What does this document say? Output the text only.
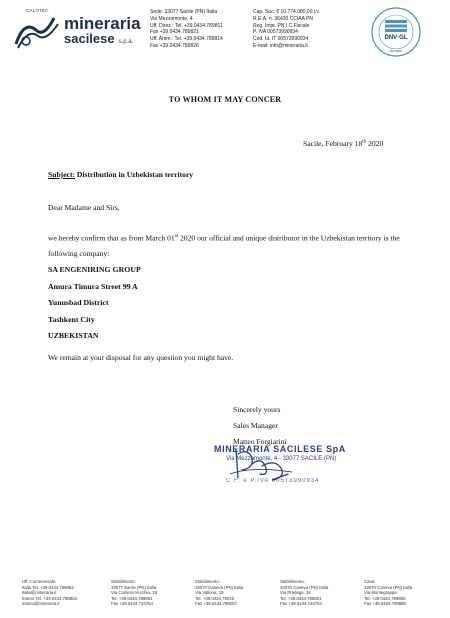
CALOTEC
mineraria
sacilese s.p.a.
Sede: 33077 Sacile (PN) Italia
Via Mezzomonte, 4
Uff. Direz.: Tel. +39.0434.789811
Fax +39.0434.789821
Uff. Amm.: Tel. +39.0434.789814
Fax +39.0434.789826
Cap. Soc. € 10.774.080,00 i.v.
R.E.A. n. 36430 CCIAA PN
Reg. Impr. PN / C.Fiscale
P. IVA 00573990934
Cod. Id. IT 00573990934
E-mail: info@mineraria.it
DNV·GL
ISO 9001
TO WHOM IT MAY CONCER
Sacile, February 18th 2020
Subject: Distribution in Uzbekistan territory
Dear Madame and Sirs,

we hereby confirm that as from March 01st 2020 our official and unique distributor in the Uzbekistan territory is the following company:

SA ENGENIRING GROUP
Amura Timura Street 99 A
Yunusbad District
Tashkent City
UZBEKISTAN
We remain at your disposal for any question you might have.
Sincerely yours
Sales Manager
Matteo Forgiarini
MINERARIA SACILESE SpA
Via Mezzomonte, 4 - 33077 SACILE (PN)
C.F. e P.IVA 00573990934
Uff. Commerciale:
Italia Tel. +39.0434.789862
italia@mineraria.it
Estero Tel. +39.0434.789863
estero@mineraria.it
Stabilimento:
33077 Sacile (PN) Italia
Via Cartiera Vecchia, 18
Tel. +39.0434.789861
Fax +39.0434.734764
Stabilimento:
33070 Caneva (PN) Italia
Via Vallona, 19
Tel. +39.0434.79019
Fax +39.0434.799257
Stabilimento:
33070 Caneva (PN) Italia
Via Pradega, 34
Tel. +39.0434.789861
Fax +39.0434.734764
Cava:
33070 Caneva (PN) Italia
Via Montegrappa
Tel. +39.0434.799885
Fax +39.0434.799885
